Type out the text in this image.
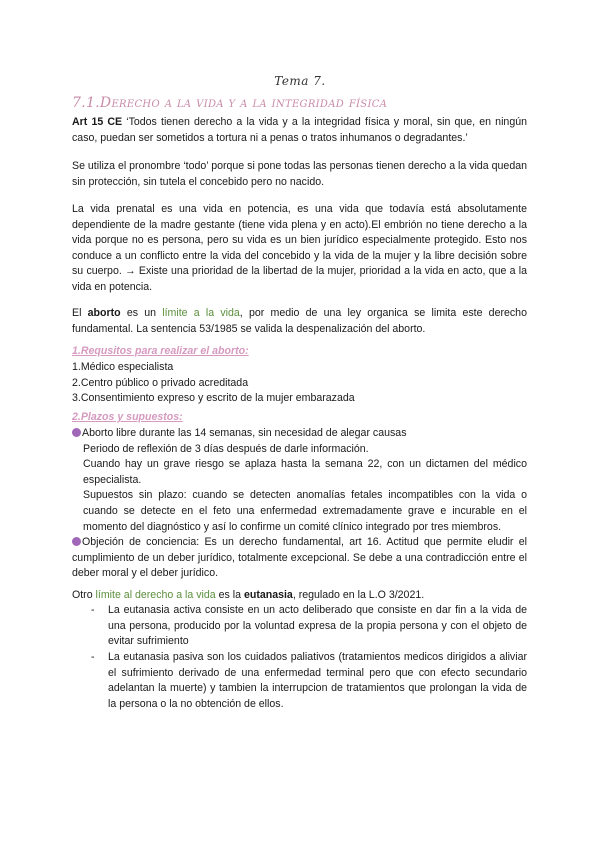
Tema 7.
7.1.Derecho a la vida y a la integridad física
Art 15 CE ‘Todos tienen derecho a la vida y a la integridad física y moral, sin que, en ningún caso, puedan ser sometidos a tortura ni a penas o tratos inhumanos o degradantes.’
Se utiliza el pronombre ‘todo’ porque si pone todas las personas tienen derecho a la vida quedan sin protección, sin tutela el concebido pero no nacido.
La vida prenatal es una vida en potencia, es una vida que todavía está absolutamente dependiente de la madre gestante (tiene vida plena y en acto).El embrión no tiene derecho a la vida porque no es persona, pero su vida es un bien jurídico especialmente protegido. Esto nos conduce a un conflicto entre la vida del concebido y la vida de la mujer y la libre decisión sobre su cuerpo. → Existe una prioridad de la libertad de la mujer, prioridad a la vida en acto, que a la vida en potencia.
El aborto es un límite a la vida, por medio de una ley organica se limita este derecho fundamental. La sentencia 53/1985 se valida la despenalización del aborto.
1.Requsitos para realizar el aborto:
1.Médico especialista
2.Centro público o privado acreditada
3.Consentimiento expreso y escrito de la mujer embarazada
2.Plazos y supuestos:
Aborto libre durante las 14 semanas, sin necesidad de alegar causas
Periodo de reflexión de 3 días después de darle información.
Cuando hay un grave riesgo se aplaza hasta la semana 22, con un dictamen del médico especialista.
Supuestos sin plazo: cuando se detecten anomalías fetales incompatibles con la vida o cuando se detecte en el feto una enfermedad extremadamente grave e incurable en el momento del diagnóstico y así lo confirme un comité clínico integrado por tres miembros.
Objeción de conciencia: Es un derecho fundamental, art 16. Actitud que permite eludir el cumplimiento de un deber jurídico, totalmente excepcional. Se debe a una contradicción entre el deber moral y el deber jurídico.
Otro límite al derecho a la vida es la eutanasia, regulado en la L.O 3/2021.
- La eutanasia activa consiste en un acto deliberado que consiste en dar fin a la vida de una persona, producido por la voluntad expresa de la propia persona y con el objeto de evitar sufrimiento
- La eutanasia pasiva son los cuidados paliativos (tratamientos medicos dirigidos a aliviar el sufrimiento derivado de una enfermedad terminal pero que con efecto secundario adelantan la muerte) y tambien la interrupcion de tratamientos que prolongan la vida de la persona o la no obtención de ellos.
